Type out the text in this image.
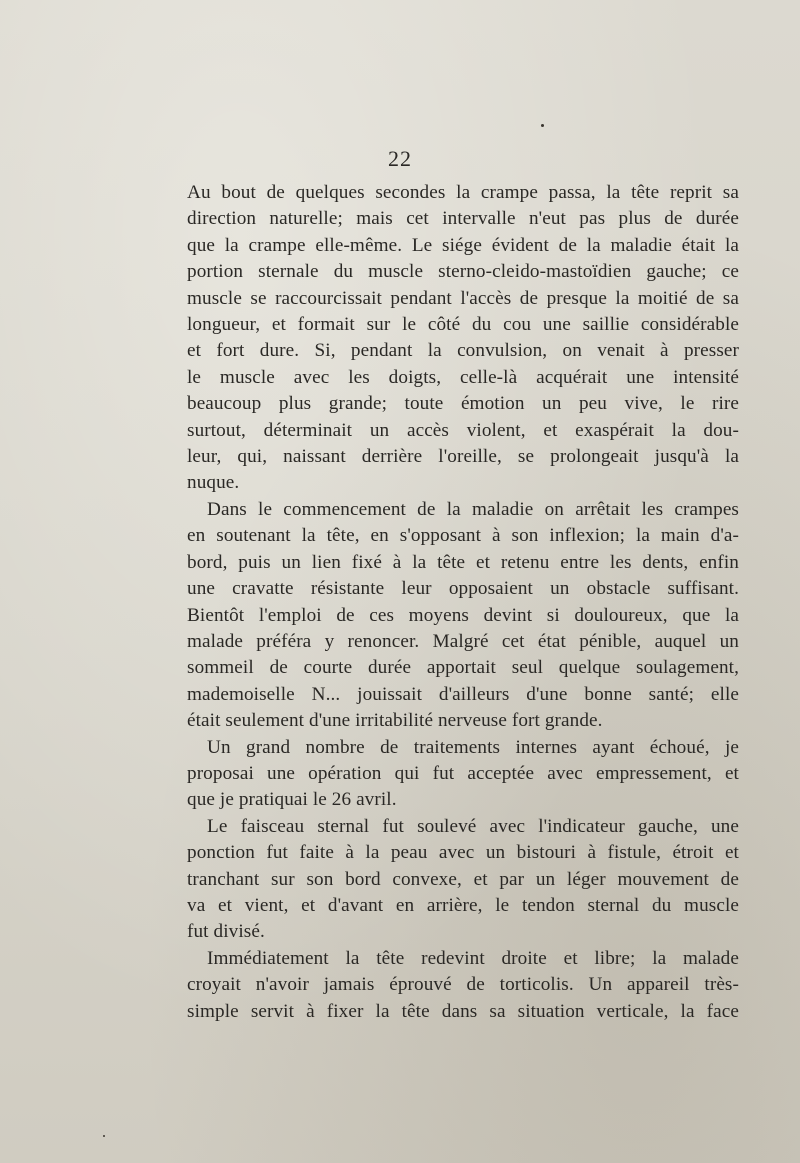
22
Au bout de quelques secondes la crampe passa, la tête reprit sa
direction naturelle; mais cet intervalle n'eut pas plus de durée
que la crampe elle-même. Le siége évident de la maladie était la
portion sternale du muscle sterno-cleido-mastoïdien gauche; ce
muscle se raccourcissait pendant l'accès de presque la moitié de sa
longueur, et formait sur le côté du cou une saillie considérable
et fort dure. Si, pendant la convulsion, on venait à presser
le muscle avec les doigts, celle-là acquérait une intensité
beaucoup plus grande; toute émotion un peu vive, le rire
surtout, déterminait un accès violent, et exaspérait la dou-
leur, qui, naissant derrière l'oreille, se prolongeait jusqu'à la
nuque.
Dans le commencement de la maladie on arrêtait les crampes
en soutenant la tête, en s'opposant à son inflexion; la main d'a-
bord, puis un lien fixé à la tête et retenu entre les dents, enfin
une cravatte résistante leur opposaient un obstacle suffisant.
Bientôt l'emploi de ces moyens devint si douloureux, que la
malade préféra y renoncer. Malgré cet état pénible, auquel un
sommeil de courte durée apportait seul quelque soulagement,
mademoiselle N... jouissait d'ailleurs d'une bonne santé; elle
était seulement d'une irritabilité nerveuse fort grande.
Un grand nombre de traitements internes ayant échoué, je
proposai une opération qui fut acceptée avec empressement, et
que je pratiquai le 26 avril.
Le faisceau sternal fut soulevé avec l'indicateur gauche, une
ponction fut faite à la peau avec un bistouri à fistule, étroit et
tranchant sur son bord convexe, et par un léger mouvement de
va et vient, et d'avant en arrière, le tendon sternal du muscle
fut divisé.
Immédiatement la tête redevint droite et libre; la malade
croyait n'avoir jamais éprouvé de torticolis. Un appareil très-
simple servit à fixer la tête dans sa situation verticale, la face
